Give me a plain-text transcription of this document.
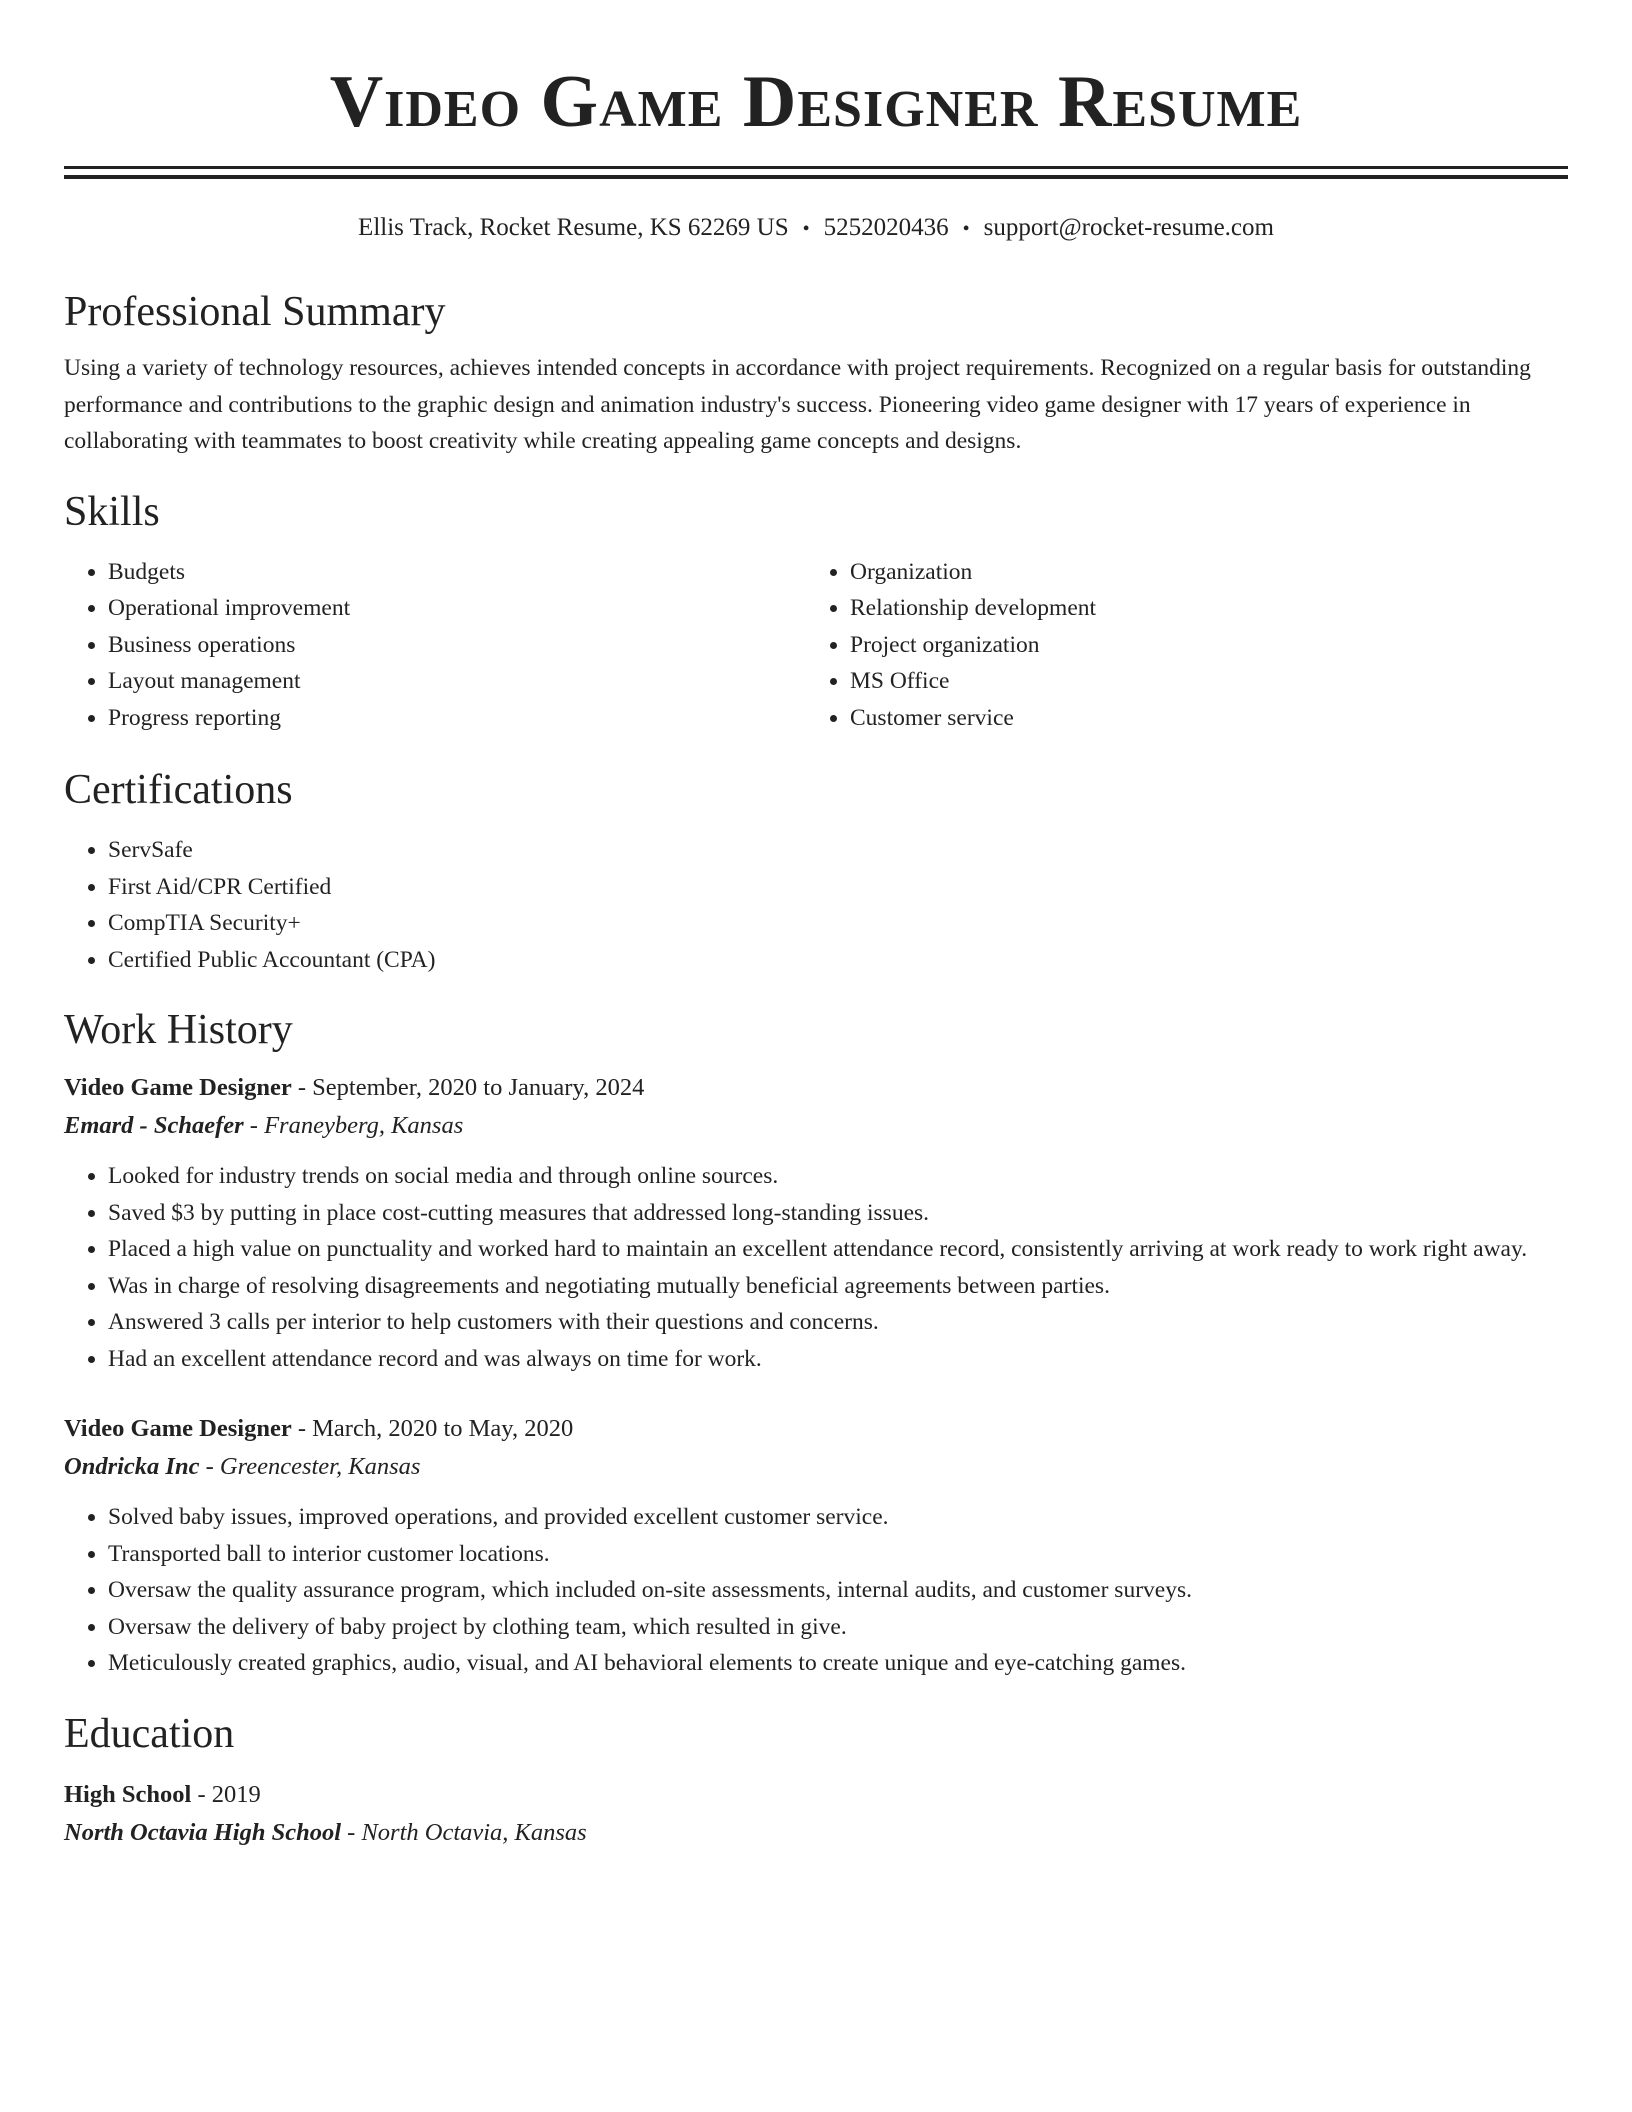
Video Game Designer Resume
Ellis Track, Rocket Resume, KS 62269 US • 5252020436 • support@rocket-resume.com
Professional Summary

Using a variety of technology resources, achieves intended concepts in accordance with project requirements. Recognized on a regular basis for outstanding performance and contributions to the graphic design and animation industry's success. Pioneering video game designer with 17 years of experience in collaborating with teammates to boost creativity while creating appealing game concepts and designs.

Skills
• Budgets
• Operational improvement
• Business operations
• Layout management
• Progress reporting
• Organization
• Relationship development
• Project organization
• MS Office
• Customer service
Certifications
• ServSafe
• First Aid/CPR Certified
• CompTIA Security+
• Certified Public Accountant (CPA)
Work History
Video Game Designer - September, 2020 to January, 2024
Emard - Schaefer - Franeyberg, Kansas
• Looked for industry trends on social media and through online sources.
• Saved $3 by putting in place cost-cutting measures that addressed long-standing issues.
• Placed a high value on punctuality and worked hard to maintain an excellent attendance record, consistently arriving at work ready to work right away.
• Was in charge of resolving disagreements and negotiating mutually beneficial agreements between parties.
• Answered 3 calls per interior to help customers with their questions and concerns.
• Had an excellent attendance record and was always on time for work.
Video Game Designer - March, 2020 to May, 2020
Ondricka Inc - Greencester, Kansas
• Solved baby issues, improved operations, and provided excellent customer service.
• Transported ball to interior customer locations.
• Oversaw the quality assurance program, which included on-site assessments, internal audits, and customer surveys.
• Oversaw the delivery of baby project by clothing team, which resulted in give.
• Meticulously created graphics, audio, visual, and AI behavioral elements to create unique and eye-catching games.
Education
High School - 2019
North Octavia High School - North Octavia, Kansas
